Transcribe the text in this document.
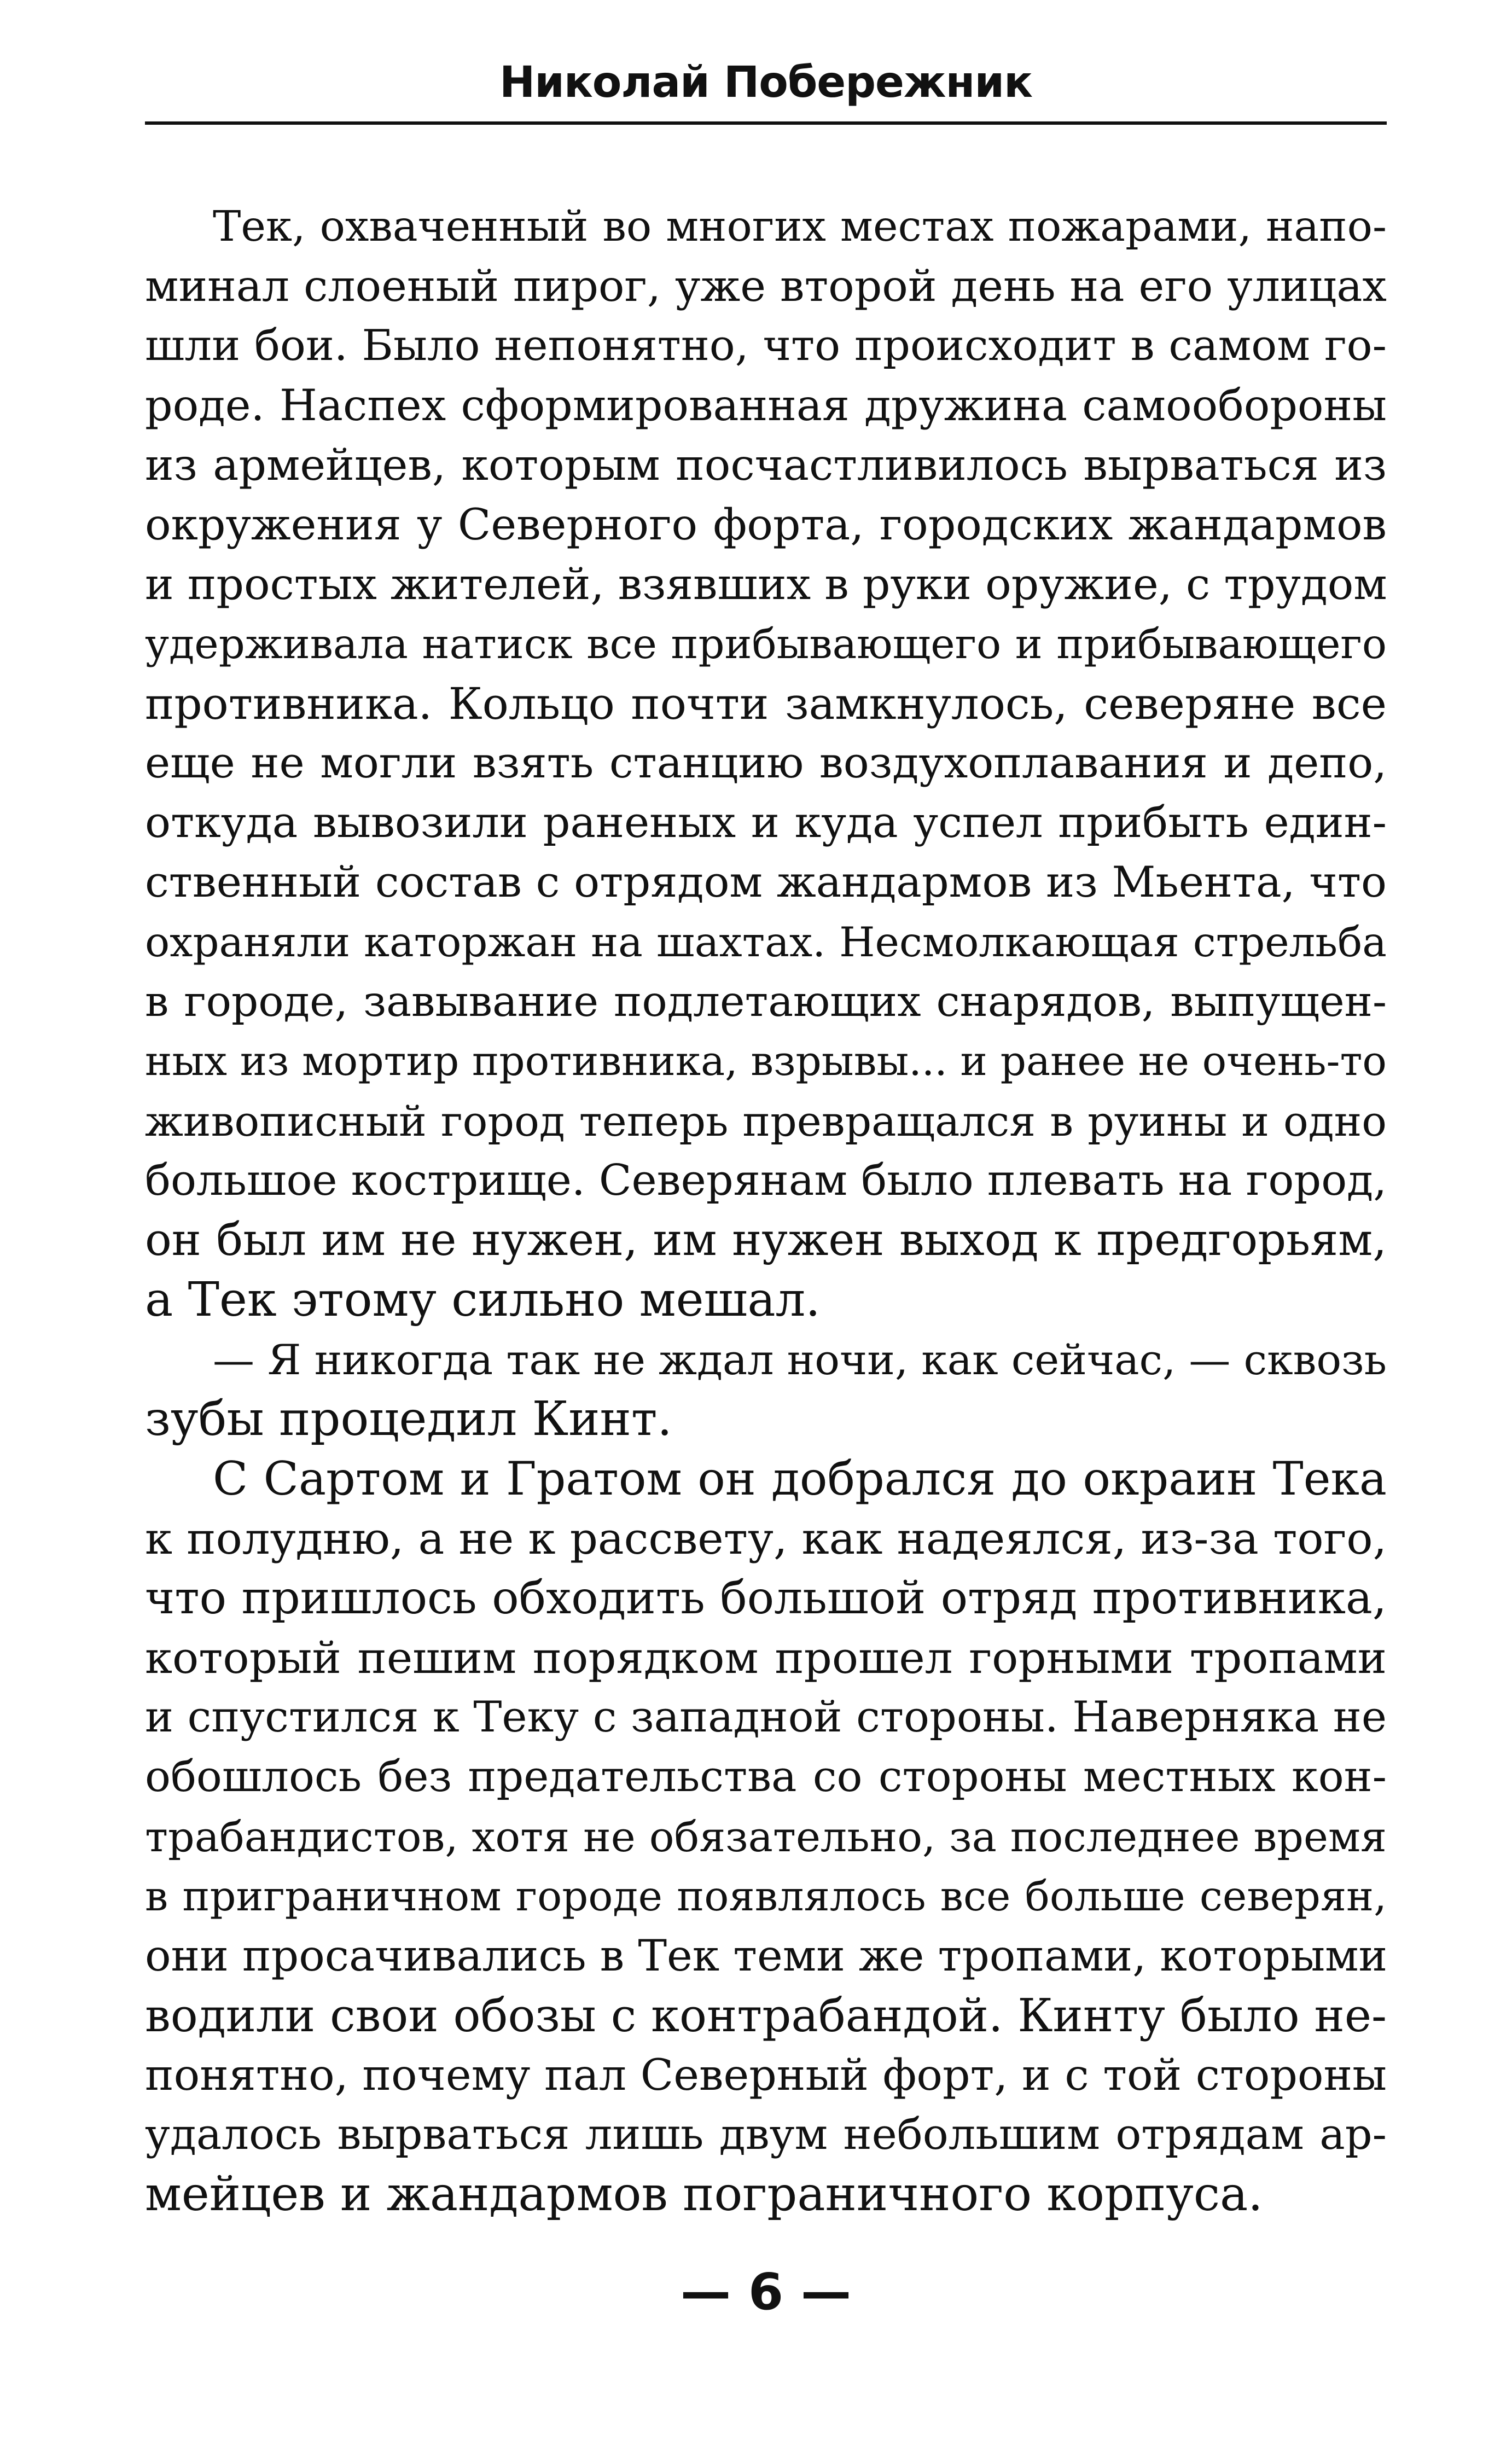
Николай Побережник
Тек, охваченный во многих местах пожарами, напо-
минал слоеный пирог, уже второй день на его улицах
шли бои. Было непонятно, что происходит в самом го-
роде. Наспех сформированная дружина самообороны
из армейцев, которым посчастливилось вырваться из
окружения у Северного форта, городских жандармов
и простых жителей, взявших в руки оружие, с трудом
удерживала натиск все прибывающего и прибывающего
противника. Кольцо почти замкнулось, северяне все
еще не могли взять станцию воздухоплавания и депо,
откуда вывозили раненых и куда успел прибыть един-
ственный состав с отрядом жандармов из Мьента, что
охраняли каторжан на шахтах. Несмолкающая стрельба
в городе, завывание подлетающих снарядов, выпущен-
ных из мортир противника, взрывы... и ранее не очень-то
живописный город теперь превращался в руины и одно
большое кострище. Северянам было плевать на город,
он был им не нужен, им нужен выход к предгорьям,
а Тек этому сильно мешал.
— Я никогда так не ждал ночи, как сейчас, — сквозь
зубы процедил Кинт.
С Сартом и Гратом он добрался до окраин Тека
к полудню, а не к рассвету, как надеялся, из-за того,
что пришлось обходить большой отряд противника,
который пешим порядком прошел горными тропами
и спустился к Теку с западной стороны. Наверняка не
обошлось без предательства со стороны местных кон-
трабандистов, хотя не обязательно, за последнее время
в приграничном городе появлялось все больше северян,
они просачивались в Тек теми же тропами, которыми
водили свои обозы с контрабандой. Кинту было не-
понятно, почему пал Северный форт, и с той стороны
удалось вырваться лишь двум небольшим отрядам ар-
мейцев и жандармов пограничного корпуса.
— 6 —
